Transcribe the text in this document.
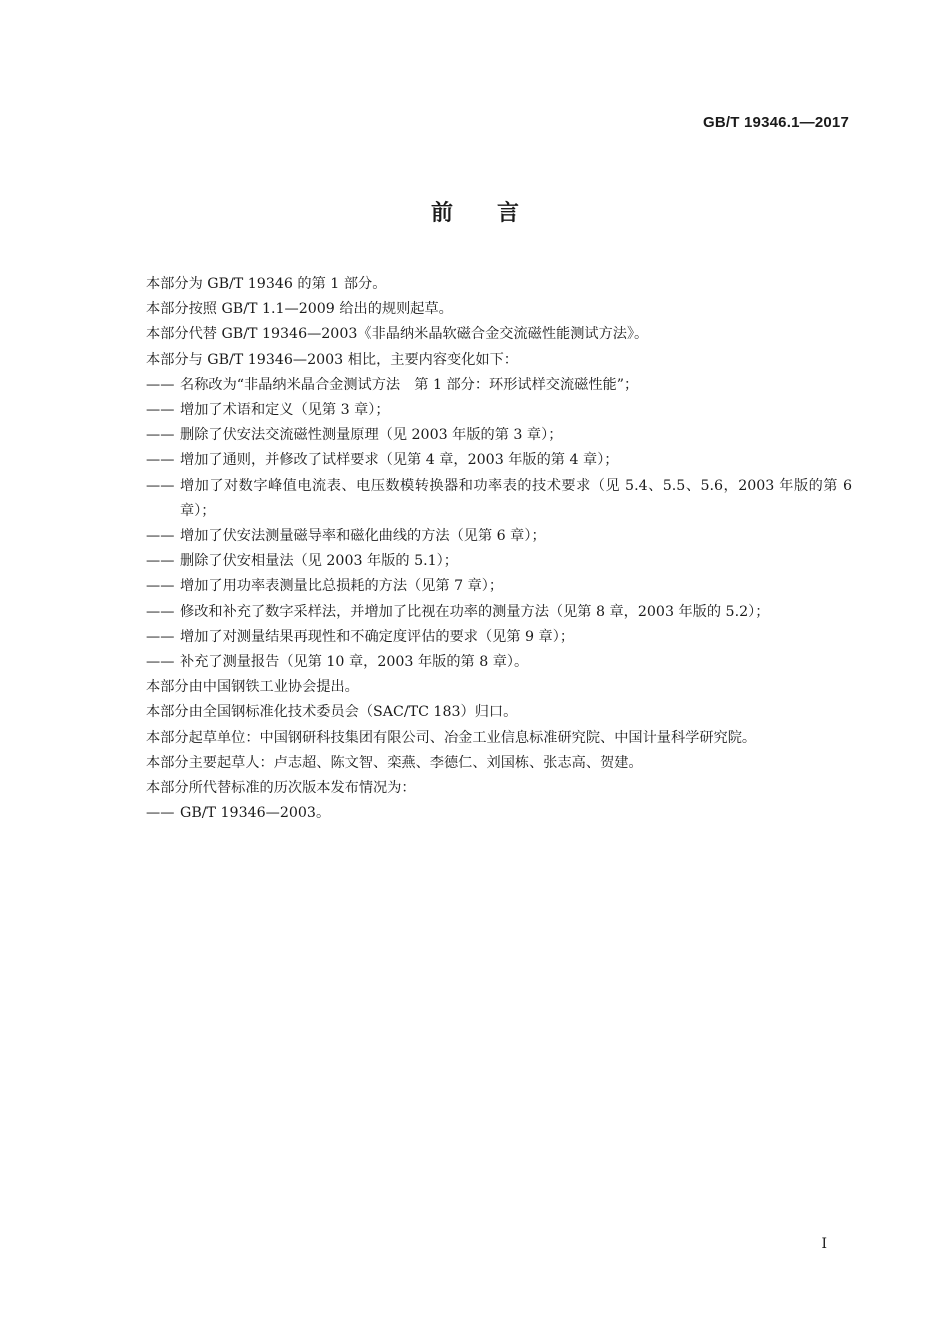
GB/T 19346.1—2017
前 言
本部分为 GB/T 19346 的第 1 部分。
本部分按照 GB/T 1.1—2009 给出的规则起草。
本部分代替 GB/T 19346—2003《非晶纳米晶软磁合金交流磁性能测试方法》。
本部分与 GB/T 19346—2003 相比，主要内容变化如下：
—— 名称改为“非晶纳米晶合金测试方法　第 1 部分：环形试样交流磁性能”；
—— 增加了术语和定义（见第 3 章）；
—— 删除了伏安法交流磁性测量原理（见 2003 年版的第 3 章）；
—— 增加了通则，并修改了试样要求（见第 4 章，2003 年版的第 4 章）；
—— 增加了对数字峰值电流表、电压数模转换器和功率表的技术要求（见 5.4、5.5、5.6，2003 年版的第 6 章）；
—— 增加了伏安法测量磁导率和磁化曲线的方法（见第 6 章）；
—— 删除了伏安相量法（见 2003 年版的 5.1）；
—— 增加了用功率表测量比总损耗的方法（见第 7 章）；
—— 修改和补充了数字采样法，并增加了比视在功率的测量方法（见第 8 章，2003 年版的 5.2）；
—— 增加了对测量结果再现性和不确定度评估的要求（见第 9 章）；
—— 补充了测量报告（见第 10 章，2003 年版的第 8 章）。
本部分由中国钢铁工业协会提出。
本部分由全国钢标准化技术委员会（SAC/TC 183）归口。
本部分起草单位：中国钢研科技集团有限公司、冶金工业信息标准研究院、中国计量科学研究院。
本部分主要起草人：卢志超、陈文智、栾燕、李德仁、刘国栋、张志高、贺建。
本部分所代替标准的历次版本发布情况为：
—— GB/T 19346—2003。
I
